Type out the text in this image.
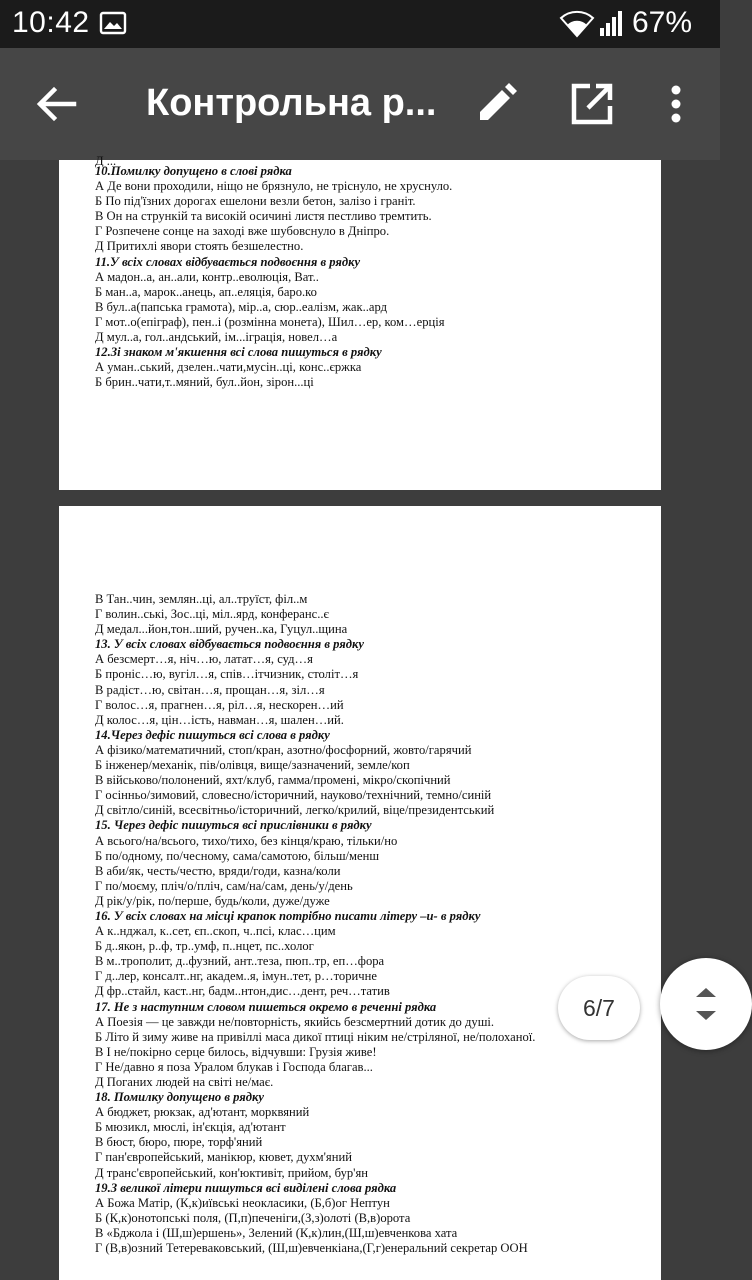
10:42	67%
Контрольна р...
Д ...
10.Помилку допущено в слові рядка
А Де вони проходили, ніщо не брязнуло, не тріснуло, не хруснуло.
Б По під'їзних дорогах ешелони везли бетон, залізо і граніт.
В Он на стрункій та високій осичині листя пестливо тремтить.
Г Розпечене сонце на заході вже шубовснуло в Дніпро.
Д Притихлі явори стоять безшелестно.
11.У всіх словах відбувається подвоєння в рядку
А мадон..а, ан..али, контр..еволюція, Ват..
Б ман..а, марок..анець, ап..еляція, баро.ко
В бул..а(папська грамота), мір..а, сюр..еалізм, жак..ард
Г мот..о(епіграф), пен..і (розмінна монета), Шил…ер, ком…ерція
Д мул..а, гол..андський, ім...іграція, новел…а
12.Зі знаком м'якшення всі слова пишуться в рядку
А уман..ський, дзелен..чати,мусін..ці, конс..єржка
Б брин..чати,т..мяний, бул..йон, зірон...ці
В Тан..чин, землян..ці, ал..труїст, філ..м
Г волин..ські, Зос..ці, міл..ярд, конферанс..є
Д медал...йон,тон..ший, ручен..ка, Гуцул..щина
13. У всіх словах відбувається подвоєння в рядку
А безсмерт…я, ніч…ю, латат…я, суд…я
Б проніс…ю, вугіл…я, спів…ітчизник, століт…я
В радіст…ю, світан…я, прощан…я, зіл…я
Г волос…я, прагнен…я, ріл…я, нескорен…ий
Д колос…я, цін…ість, навман…я, шален…ий.
14.Через дефіс пишуться всі слова в рядку
А фізико/математичний, стоп/кран, азотно/фосфорний, жовто/гарячий
Б інженер/механік, пів/олівця, вище/зазначений, земле/коп
В військово/полонений, яхт/клуб, гамма/промені, мікро/скопічний
Г осінньо/зимовий, словесно/історичний, науково/технічний, темно/синій
Д світло/синій, всесвітньо/історичний, легко/крилий, віце/президентський
15. Через дефіс пишуться всі прислівники в рядку
А всього/на/всього, тихо/тихо, без кінця/краю, тільки/но
Б по/одному, по/чесному, сама/самотою, більш/менш
В аби/як, честь/честю, вряди/годи, казна/коли
Г по/моєму, пліч/о/пліч, сам/на/сам, день/у/день
Д рік/у/рік, по/перше, будь/коли, дуже/дуже
16. У всіх словах на місці крапок потрібно писати літеру –и- в рядку
А к..нджал, к..сет, єп..скоп, ч..псі, клас…цим
Б д..якон, р..ф, тр..умф, п..нцет, пс..холог
В м..трополит, д..фузний, ант..теза, пюп..тр, еп…фора
Г д..лер, консалт..нг, академ..я, імун..тет, р…торичне
Д фр..стайл, каст..нг, бадм..нтон,дис…дент, реч…татив
17. Не з наступним словом пишеться окремо в реченні рядка
А Поезія — це завжди не/повторність, якийсь безсмертний дотик до душі.
Б Літо й зиму живе на привіллі маса дикої птиці ніким не/стріляної, не/полоханої.
В І не/покірно серце билось, відчувши: Грузія живе!
Г Не/давно я поза Уралом блукав і Господа благав...
Д Поганих людей на світі не/має.
18. Помилку допущено в рядку
А бюджет, рюкзак, ад'ютант, морквяний
Б мюзикл, мюслі, ін'єкція, ад'ютант
В бюст, бюро, пюре, торф'яний
Г пан'європейський, манікюр, кювет, духм'яний
Д транс'європейський, кон'юктивіт, прийом, бур'ян
19.З великої літери пишуться всі виділені слова рядка
А Божа Матір, (К,к)иївські неокласики, (Б,б)ог Нептун
Б (К,к)онотопські поля, (П,п)печеніги,(З,з)олоті (В,в)орота
В «Бджола і (Ш,ш)ершень», Зелений (К,к)лин,(Ш,ш)евченкова хата
Г (В,в)озний Тетеревaковський, (Ш,ш)евченкіана,(Г,г)енеральний секретар ООН
6/7
